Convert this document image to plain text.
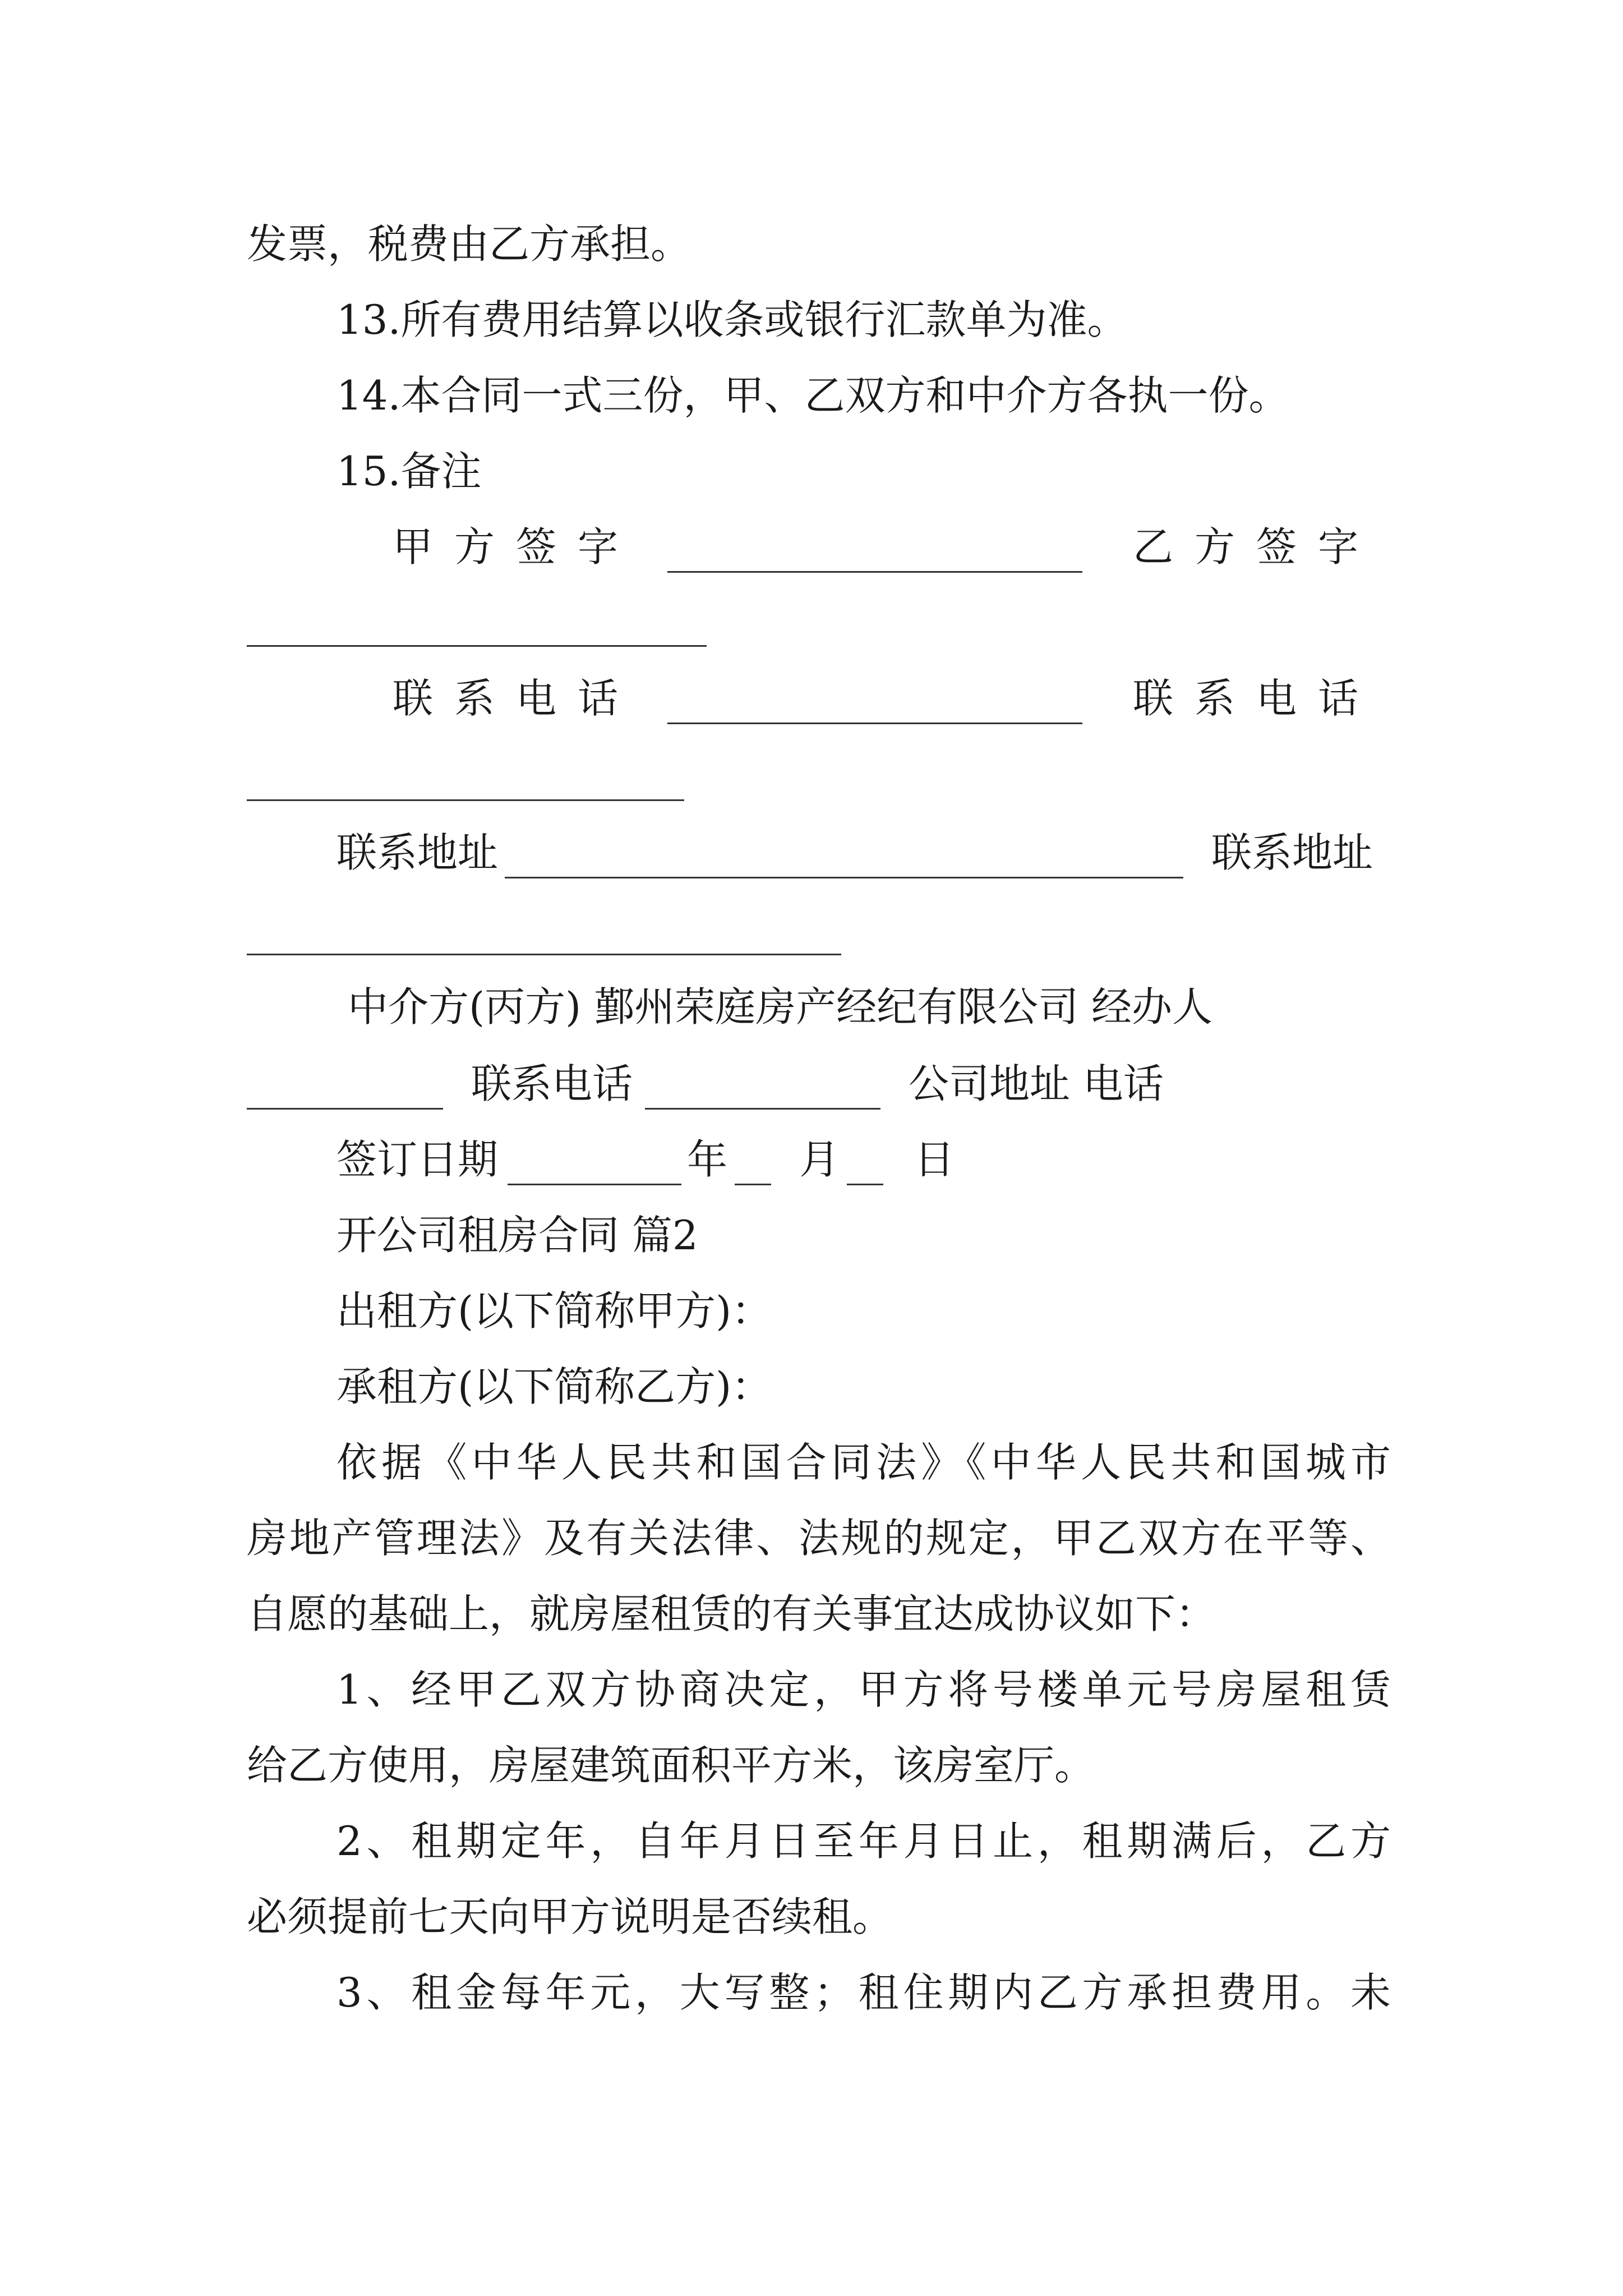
发票，税费由乙方承担。
13.所有费用结算以收条或银行汇款单为准。
14.本合同一式三份，甲、乙双方和中介方各执一份。
15.备注
甲方签字	乙方签字
联系电话	联系电话
联系地址	联系地址
中介方(丙方) 鄞州荣庭房产经纪有限公司 经办人
联系电话	公司地址 电话
签订日期	年 月 日
开公司租房合同 篇2
出租方(以下简称甲方)：
承租方(以下简称乙方)：
依据《中华人民共和国合同法》《中华人民共和国城市
房地产管理法》及有关法律、法规的规定，甲乙双方在平等、
自愿的基础上，就房屋租赁的有关事宜达成协议如下：
1、经甲乙双方协商决定，甲方将号楼单元号房屋租赁
给乙方使用，房屋建筑面积平方米，该房室厅。
2、租期定年，自年月日至年月日止，租期满后，乙方
必须提前七天向甲方说明是否续租。
3、租金每年元，大写整；租住期内乙方承担费用。未
